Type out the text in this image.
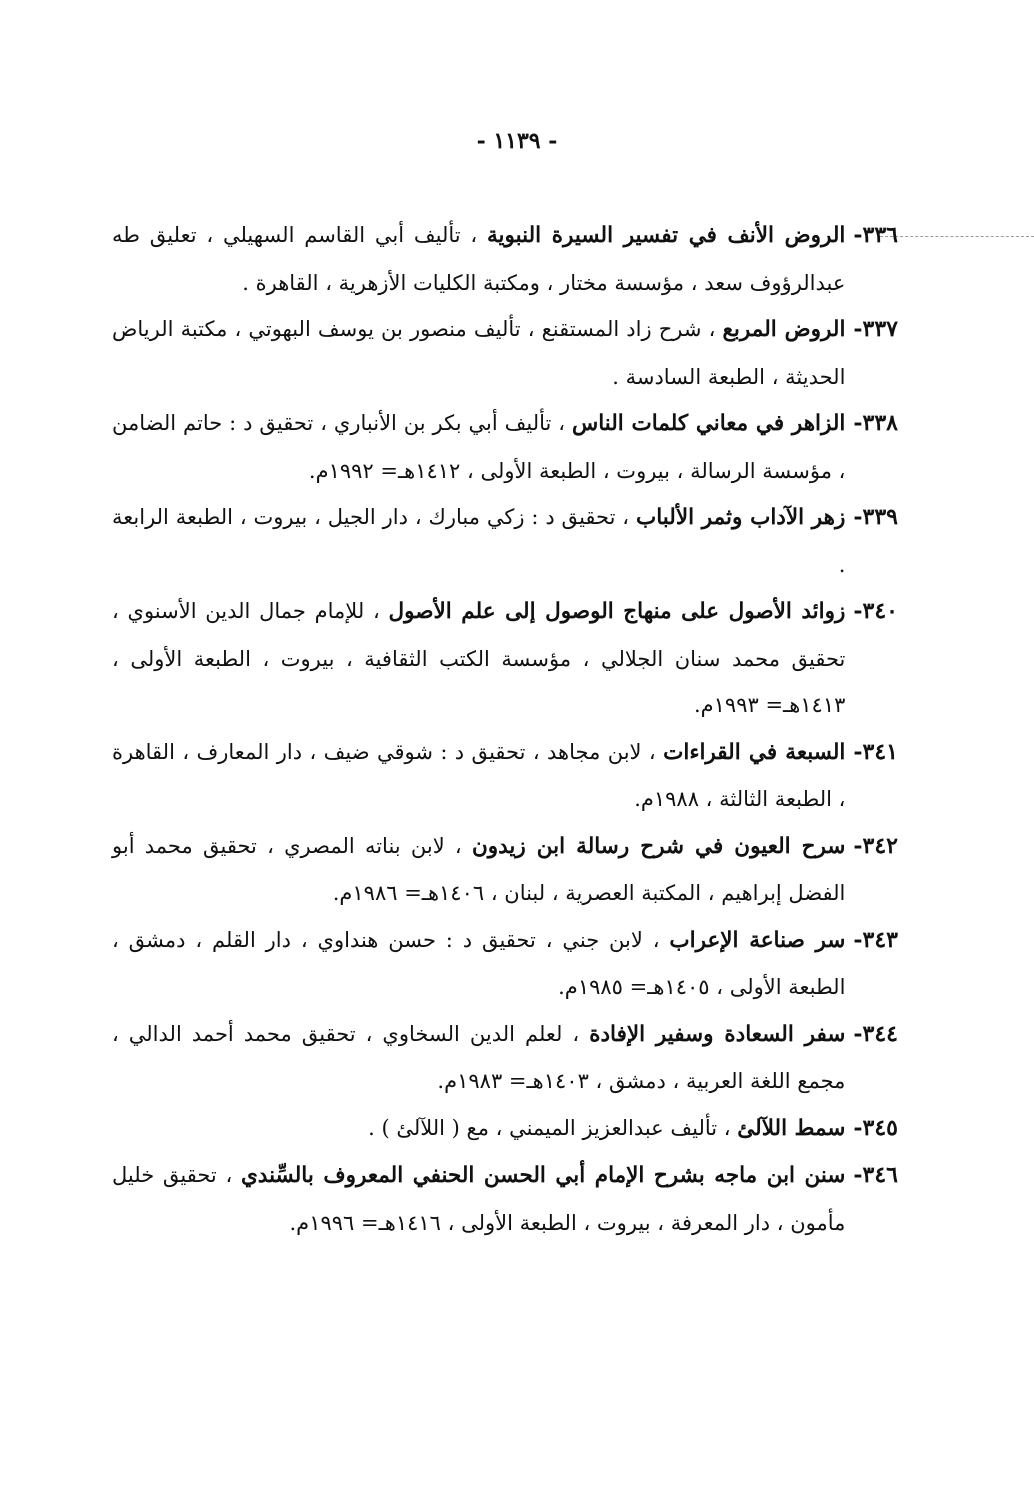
- ١١٣٩ -
٣٣٦-
الروض الأنف في تفسير السيرة النبوية ، تأليف أبي القاسم السهيلي ، تعليق طه عبدالرؤوف سعد ، مؤسسة مختار ، ومكتبة الكليات الأزهرية ، القاهرة .
٣٣٧-
الروض المربع ، شرح زاد المستقنع ، تأليف منصور بن يوسف البهوتي ، مكتبة الرياض الحديثة ، الطبعة السادسة .
٣٣٨-
الزاهر في معاني كلمات الناس ، تأليف أبي بكر بن الأنباري ، تحقيق د : حاتم الضامن ، مؤسسة الرسالة ، بيروت ، الطبعة الأولى ، ١٤١٢هـ= ١٩٩٢م.
٣٣٩-
زهر الآداب وثمر الألباب ، تحقيق د : زكي مبارك ، دار الجيل ، بيروت ، الطبعة الرابعة .
٣٤٠-
زوائد الأصول على منهاج الوصول إلى علم الأصول ، للإمام جمال الدين الأسنوي ، تحقيق محمد سنان الجلالي ، مؤسسة الكتب الثقافية ، بيروت ، الطبعة الأولى ، ١٤١٣هـ= ١٩٩٣م.
٣٤١-
السبعة في القراءات ، لابن مجاهد ، تحقيق د : شوقي ضيف ، دار المعارف ، القاهرة ، الطبعة الثالثة ، ١٩٨٨م.
٣٤٢-
سرح العيون في شرح رسالة ابن زيدون ، لابن بناته المصري ، تحقيق محمد أبو الفضل إبراهيم ، المكتبة العصرية ، لبنان ، ١٤٠٦هـ= ١٩٨٦م.
٣٤٣-
سر صناعة الإعراب ، لابن جني ، تحقيق د : حسن هنداوي ، دار القلم ، دمشق ، الطبعة الأولى ، ١٤٠٥هـ= ١٩٨٥م.
٣٤٤-
سفر السعادة وسفير الإفادة ، لعلم الدين السخاوي ، تحقيق محمد أحمد الدالي ، مجمع اللغة العربية ، دمشق ، ١٤٠٣هـ= ١٩٨٣م.
٣٤٥-
سمط اللآلئ ، تأليف عبدالعزيز الميمني ، مع ( اللآلئ ) .
٣٤٦-
سنن ابن ماجه بشرح الإمام أبي الحسن الحنفي المعروف بالسِّندي ، تحقيق خليل مأمون ، دار المعرفة ، بيروت ، الطبعة الأولى ، ١٤١٦هـ= ١٩٩٦م.
